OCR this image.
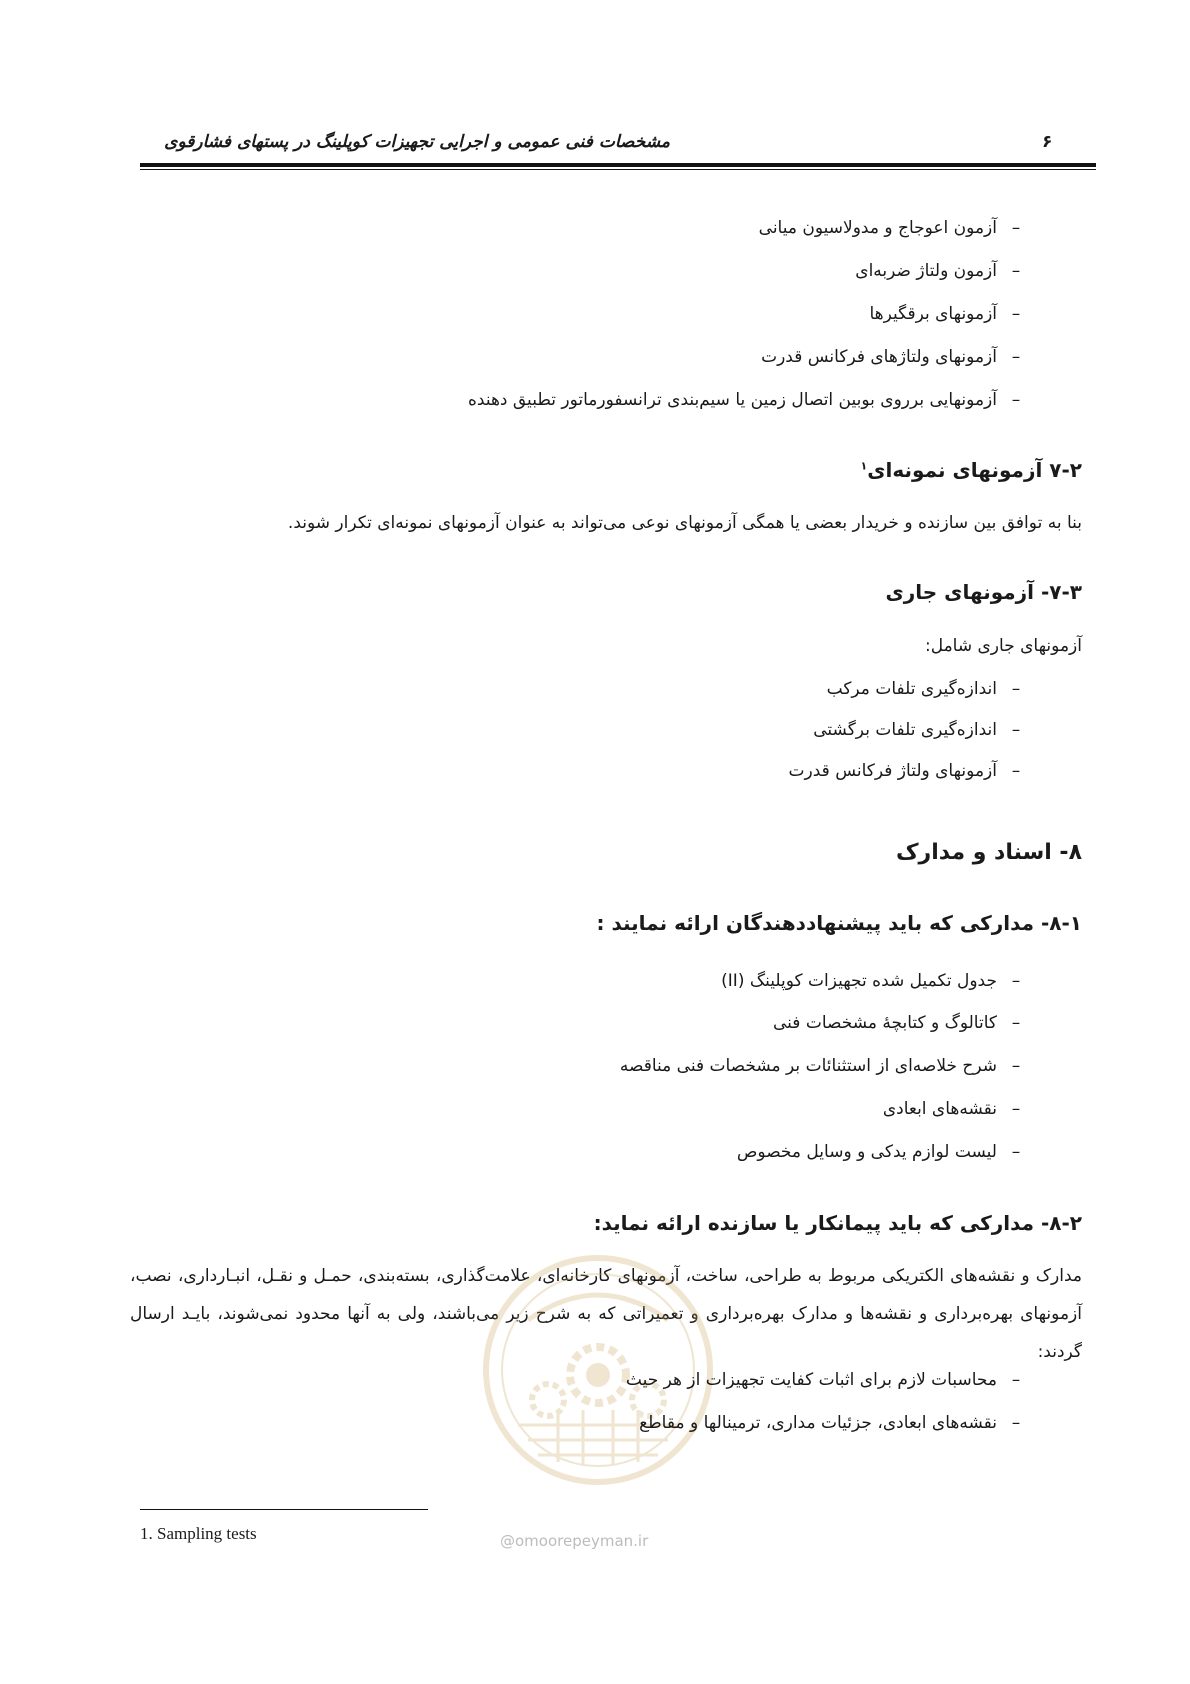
مشخصات فنی عمومی و اجرایی تجهیزات کوپلینگ در پستهای فشارقوی	۶
–آزمون اعوجاج و مدولاسیون میانی
–آزمون ولتاژ ضربه‌ای
–آزمونهای برقگیرها
–آزمونهای ولتاژهای فرکانس قدرت
–آزمونهایی برروی بوبین اتصال زمین یا سیم‌بندی ترانسفورماتور تطبیق دهنده
۷-۲ آزمونهای نمونه‌ای$^۱$
بنا به توافق بین سازنده و خریدار بعضی یا همگی آزمونهای نوعی می‌تواند به عنوان آزمونهای نمونه‌ای تکرار شوند.
۷-۳- آزمونهای جاری
آزمونهای جاری شامل:
–اندازه‌گیری تلفات مرکب
–اندازه‌گیری تلفات برگشتی
–آزمونهای ولتاژ فرکانس قدرت
۸- اسناد و مدارک
۸-۱- مدارکی که باید پیشنهاددهندگان ارائه نمایند :
–جدول تکمیل شده تجهیزات کوپلینگ (II)
–کاتالوگ و کتابچۀ مشخصات فنی
–شرح خلاصه‌ای از استثنائات بر مشخصات فنی مناقصه
–نقشه‌های ابعادی
–لیست لوازم یدکی و وسایل مخصوص
۸-۲- مدارکی که باید پیمانکار یا سازنده ارائه نماید:
مدارک و نقشه‌های الکتریکی مربوط به طراحی، ساخت، آزمونهای کارخانه‌ای، علامت‌گذاری، بسته‌بندی، حمـل و نقـل، انبـارداری، نصب، آزمونهای بهره‌برداری و نقشه‌ها و مدارک بهره‌برداری و تعمیراتی که به شرح زیر می‌باشند، ولی به آنها محدود نمی‌شوند، بایـد ارسال گردند:
–محاسبات لازم برای اثبات کفایت تجهیزات از هر حیث
–نقشه‌های ابعادی، جزئیات مداری، ترمینالها و مقاطع
1. Sampling tests	@omoorepeyman.ir
